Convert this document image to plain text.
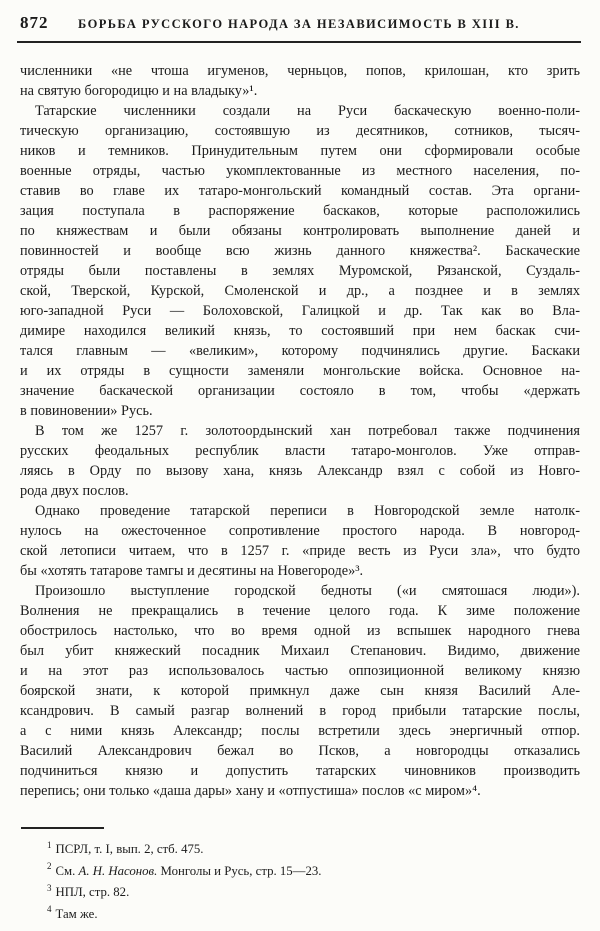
872 БОРЬБА РУССКОГО НАРОДА ЗА НЕЗАВИСИМОСТЬ В XIII В.
численники «не чтоша игуменов, черньцов, попов, крилошан, кто зрить
на святую богородицю и на владыку»¹.
Татарские численники создали на Руси баскаческую военно-поли-
тическую организацию, состоявшую из десятников, сотников, тысяч-
ников и темников. Принудительным путем они сформировали особые
военные отряды, частью укомплектованные из местного населения, по-
ставив во главе их татаро-монгольский командный состав. Эта органи-
зация поступала в распоряжение баскаков, которые расположились
по княжествам и были обязаны контролировать выполнение даней и
повинностей и вообще всю жизнь данного княжества². Баскаческие
отряды были поставлены в землях Муромской, Рязанской, Суздаль-
ской, Тверской, Курской, Смоленской и др., а позднее и в землях
юго-западной Руси — Болоховской, Галицкой и др. Так как во Вла-
димире находился великий князь, то состоявший при нем баскак счи-
тался главным — «великим», которому подчинялись другие. Баскаки
и их отряды в сущности заменяли монгольские войска. Основное на-
значение баскаческой организации состояло в том, чтобы «держать
в повиновении» Русь.
В том же 1257 г. золотоордынский хан потребовал также подчинения
русских феодальных республик власти татаро-монголов. Уже отправ-
ляясь в Орду по вызову хана, князь Александр взял с собой из Новго-
рода двух послов.
Однако проведение татарской переписи в Новгородской земле натолк-
нулось на ожесточенное сопротивление простого народа. В новгород-
ской летописи читаем, что в 1257 г. «приде весть из Руси зла», что будто
бы «хотять татарове тамгы и десятины на Новегороде»³.
Произошло выступление городской бедноты («и смятошася люди»).
Волнения не прекращались в течение целого года. К зиме положение
обострилось настолько, что во время одной из вспышек народного гнева
был убит княжеский посадник Михаил Степанович. Видимо, движение
и на этот раз использовалось частью оппозиционной великому князю
боярской знати, к которой примкнул даже сын князя Василий Але-
ксандрович. В самый разгар волнений в город прибыли татарские послы,
а с ними князь Александр; послы встретили здесь энергичный отпор.
Василий Александрович бежал во Псков, а новгородцы отказались
подчиниться князю и допустить татарских чиновников производить
перепись; они только «даша дары» хану и «отпустиша» послов «с миром»⁴.
$^1$ ПСРЛ, т. I, вып. 2, стб. 475.
$^2$ См. А. Н. Насонов. Монголы и Русь, стр. 15—23.
$^3$ НПЛ, стр. 82.
$^4$ Там же.
